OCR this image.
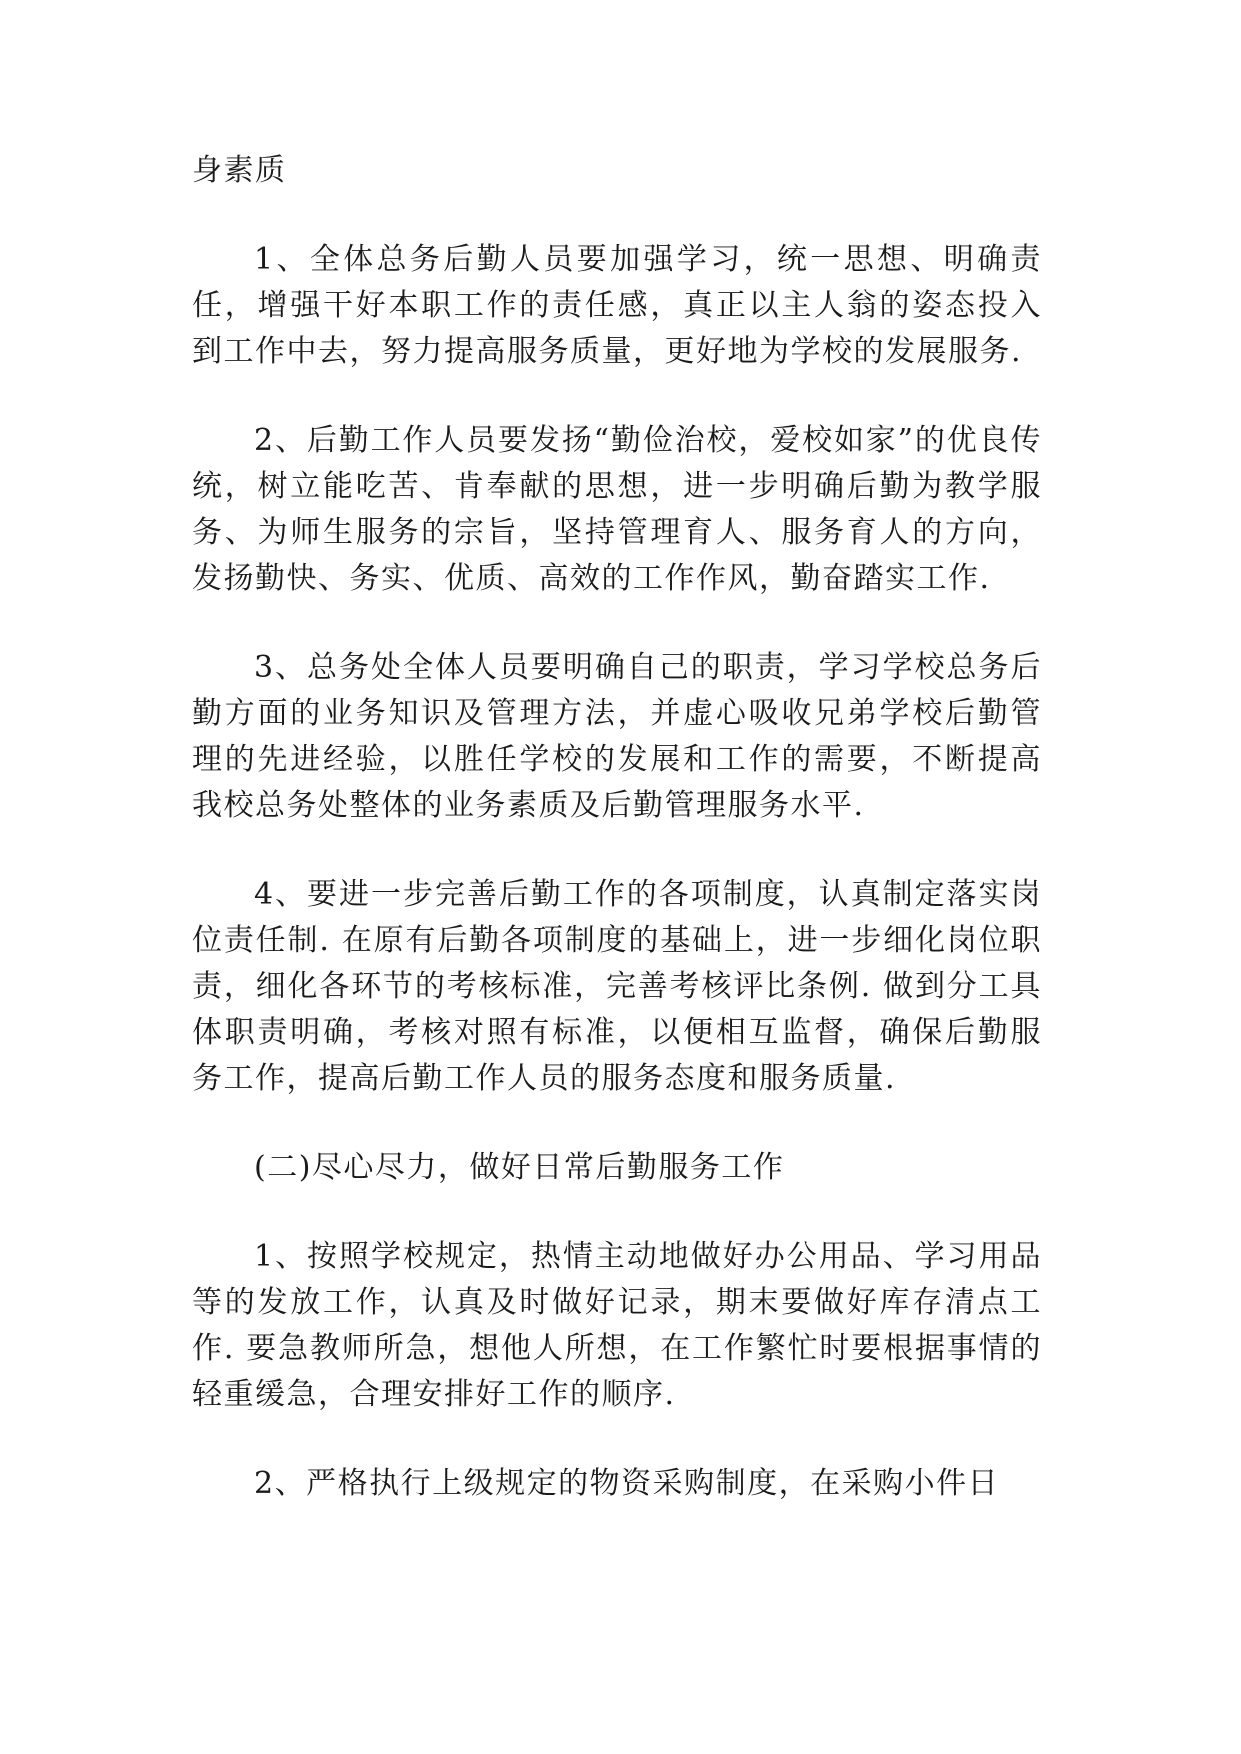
身素质

1、全体总务后勤人员要加强学习，统一思想、明确责任，增强干好本职工作的责任感，真正以主人翁的姿态投入到工作中去，努力提高服务质量，更好地为学校的发展服务.

2、后勤工作人员要发扬“勤俭治校，爱校如家”的优良传统，树立能吃苦、肯奉献的思想，进一步明确后勤为教学服务、为师生服务的宗旨，坚持管理育人、服务育人的方向，发扬勤快、务实、优质、高效的工作作风，勤奋踏实工作.

3、总务处全体人员要明确自己的职责，学习学校总务后勤方面的业务知识及管理方法，并虚心吸收兄弟学校后勤管理的先进经验，以胜任学校的发展和工作的需要，不断提高我校总务处整体的业务素质及后勤管理服务水平.

4、要进一步完善后勤工作的各项制度，认真制定落实岗位责任制. 在原有后勤各项制度的基础上，进一步细化岗位职责，细化各环节的考核标准，完善考核评比条例. 做到分工具体职责明确，考核对照有标准，以便相互监督，确保后勤服务工作，提高后勤工作人员的服务态度和服务质量.

(二)尽心尽力，做好日常后勤服务工作

1、按照学校规定，热情主动地做好办公用品、学习用品等的发放工作，认真及时做好记录，期末要做好库存清点工作. 要急教师所急，想他人所想，在工作繁忙时要根据事情的轻重缓急，合理安排好工作的顺序.

2、严格执行上级规定的物资采购制度，在采购小件日
